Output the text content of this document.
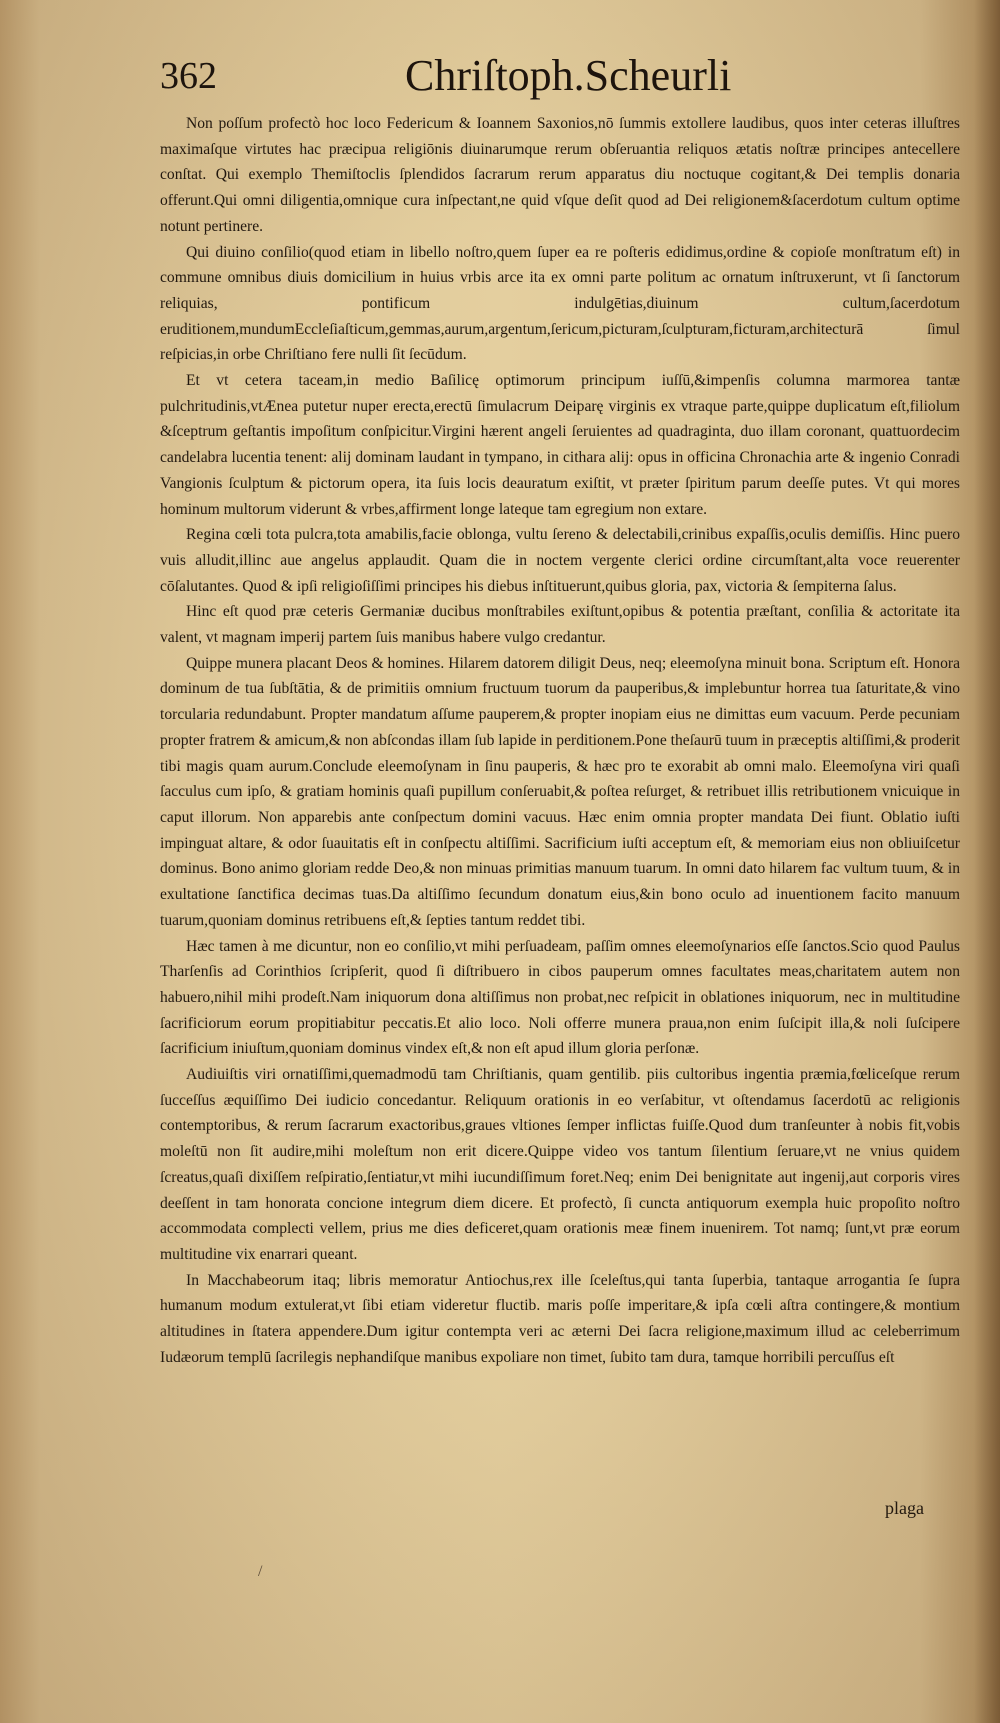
362	Chriſtoph.Scheurli

Non poſſum profectò hoc loco Federicum & Ioannem Saxonios,nō ſummis extollere laudibus, quos inter ceteras illuſtres maximaſque virtutes hac præcipua religiōnis diuinarumque rerum obſeruantia reliquos ætatis noſtræ principes antecellere conſtat. Qui exemplo Themiſtoclis ſplendidos ſacrarum rerum apparatus diu noctuque cogitant,& Dei templis donaria offerunt.Qui omni diligentia,omnique cura inſpectant,ne quid vſque deſit quod ad Dei religionem&ſacerdotum cultum optime notunt pertinere.

Qui diuino conſilio(quod etiam in libello noſtro,quem ſuper ea re poſteris edidimus,ordine & copioſe monſtratum eſt) in commune omnibus diuis domicilium in huius vrbis arce ita ex omni parte politum ac ornatum inſtruxerunt, vt ſi ſanctorum reliquias, pontificum indulgētias,diuinum cultum,ſacerdotum eruditionem,mundumEccleſiaſticum,gemmas,aurum,argentum,ſericum,picturam,ſculpturam,ficturam,architecturā ſimul reſpicias,in orbe Chriſtiano fere nulli ſit ſecūdum.

Et vt cetera taceam,in medio Baſilicę optimorum principum iuſſū,&impenſis columna marmorea tantæ pulchritudinis,vtÆnea putetur nuper erecta,erectū ſimulacrum Deiparę virginis ex vtraque parte,quippe duplicatum eſt,filiolum &ſceptrum geſtantis impoſitum conſpicitur.Virgini hærent angeli ſeruientes ad quadraginta, duo illam coronant, quattuordecim candelabra lucentia tenent: alij dominam laudant in tympano, in cithara alij: opus in officina Chronachia arte & ingenio Conradi Vangionis ſculptum & pictorum opera, ita ſuis locis deauratum exiſtit, vt præter ſpiritum parum deeſſe putes. Vt qui mores hominum multorum viderunt & vrbes,affirment longe lateque tam egregium non extare.

Regina cœli tota pulcra,tota amabilis,facie oblonga, vultu ſereno & delectabili,crinibus expaſſis,oculis demiſſis. Hinc puero vuis alludit,illinc aue angelus applaudit. Quam die in noctem vergente clerici ordine circumſtant,alta voce reuerenter cōſalutantes. Quod & ipſi religioſiſſimi principes his diebus inſtituerunt,quibus gloria, pax, victoria & ſempiterna ſalus.

Hinc eſt quod præ ceteris Germaniæ ducibus monſtrabiles exiſtunt,opibus & potentia præſtant, conſilia & actoritate ita valent, vt magnam imperij partem ſuis manibus habere vulgo credantur.

Quippe munera placant Deos & homines. Hilarem datorem diligit Deus, neq; eleemoſyna minuit bona. Scriptum eſt. Honora dominum de tua ſubſtātia, & de primitiis omnium fructuum tuorum da pauperibus,& implebuntur horrea tua ſaturitate,& vino torcularia redundabunt. Propter mandatum aſſume pauperem,& propter inopiam eius ne dimittas eum vacuum. Perde pecuniam propter fratrem & amicum,& non abſcondas illam ſub lapide in perditionem.Pone theſaurū tuum in præceptis altiſſimi,& proderit tibi magis quam aurum.Conclude eleemoſynam in ſinu pauperis, & hæc pro te exorabit ab omni malo. Eleemoſyna viri quaſi ſacculus cum ipſo, & gratiam hominis quaſi pupillum conſeruabit,& poſtea reſurget, & retribuet illis retributionem vnicuique in caput illorum. Non apparebis ante conſpectum domini vacuus. Hæc enim omnia propter mandata Dei fiunt. Oblatio iuſti impinguat altare, & odor ſuauitatis eſt in conſpectu altiſſimi. Sacrificium iuſti acceptum eſt, & memoriam eius non obliuiſcetur dominus. Bono animo gloriam redde Deo,& non minuas primitias manuum tuarum. In omni dato hilarem fac vultum tuum, & in exultatione ſanctifica decimas tuas.Da altiſſimo ſecundum donatum eius,&in bono oculo ad inuentionem facito manuum tuarum,quoniam dominus retribuens eſt,& ſepties tantum reddet tibi.

Hæc tamen à me dicuntur, non eo conſilio,vt mihi perſuadeam, paſſim omnes eleemoſynarios eſſe ſanctos.Scio quod Paulus Tharſenſis ad Corinthios ſcripſerit, quod ſi diſtribuero in cibos pauperum omnes facultates meas,charitatem autem non habuero,nihil mihi prodeſt.Nam iniquorum dona altiſſimus non probat,nec reſpicit in oblationes iniquorum, nec in multitudine ſacrificiorum eorum propitiabitur peccatis.Et alio loco. Noli offerre munera praua,non enim ſuſcipit illa,& noli ſuſcipere ſacrificium iniuſtum,quoniam dominus vindex eſt,& non eſt apud illum gloria perſonæ.

Audiuiſtis viri ornatiſſimi,quemadmodū tam Chriſtianis, quam gentilib. piis cultoribus ingentia præmia,fœliceſque rerum ſucceſſus æquiſſimo Dei iudicio concedantur. Reliquum orationis in eo verſabitur, vt oſtendamus ſacerdotū ac religionis contemptoribus, & rerum ſacrarum exactoribus,graues vltiones ſemper inflictas fuiſſe.Quod dum tranſeunter à nobis fit,vobis moleſtū non ſit audire,mihi moleſtum non erit dicere.Quippe video vos tantum ſilentium ſeruare,vt ne vnius quidem ſcreatus,quaſi dixiſſem reſpiratio,ſentiatur,vt mihi iucundiſſimum foret.Neq; enim Dei benignitate aut ingenij,aut corporis vires deeſſent in tam honorata concione integrum diem dicere. Et profectò, ſi cuncta antiquorum exempla huic propoſito noſtro accommodata complecti vellem, prius me dies deficeret,quam orationis meæ finem inuenirem. Tot namq; ſunt,vt præ eorum multitudine vix enarrari queant.

In Macchabeorum itaq; libris memoratur Antiochus,rex ille ſceleſtus,qui tanta ſuperbia, tantaque arrogantia ſe ſupra humanum modum extulerat,vt ſibi etiam videretur fluctib. maris poſſe imperitare,& ipſa cœli aſtra contingere,& montium altitudines in ſtatera appendere.Dum igitur contempta veri ac æterni Dei ſacra religione,maximum illud ac celeberrimum Iudæorum templū ſacrilegis nephandiſque manibus expoliare non timet, ſubito tam dura, tamque horribili percuſſus eſt

plaga
/
